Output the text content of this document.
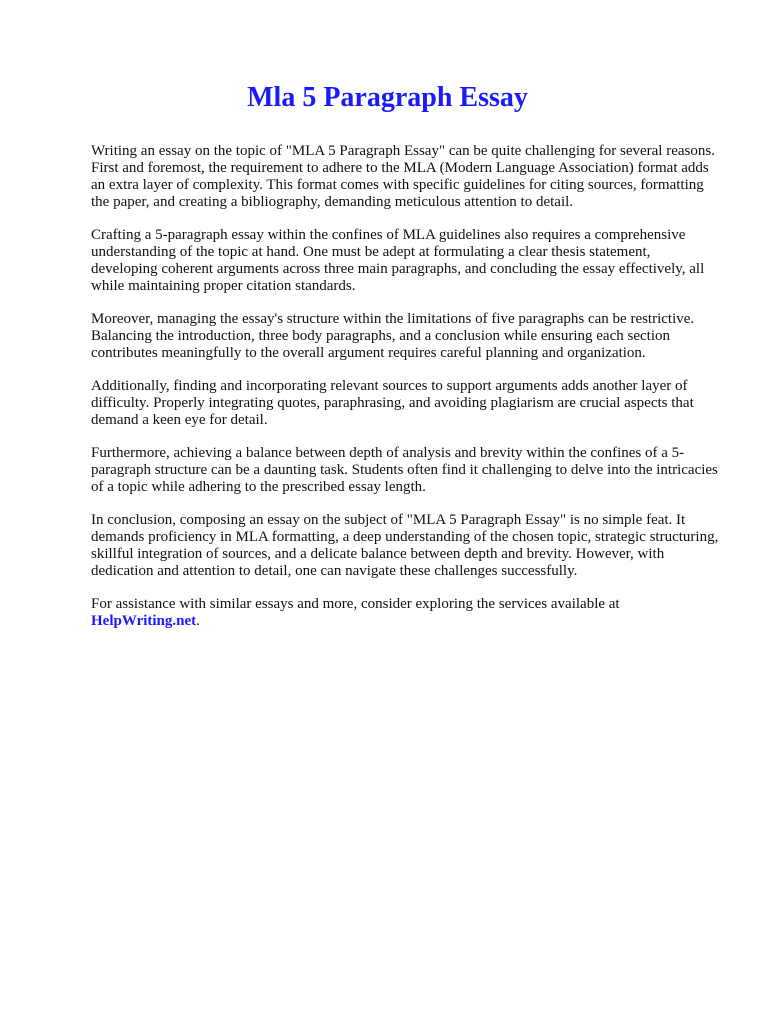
Mla 5 Paragraph Essay

Writing an essay on the topic of "MLA 5 Paragraph Essay" can be quite challenging for several reasons. First and foremost, the requirement to adhere to the MLA (Modern Language Association) format adds an extra layer of complexity. This format comes with specific guidelines for citing sources, formatting the paper, and creating a bibliography, demanding meticulous attention to detail.

Crafting a 5-paragraph essay within the confines of MLA guidelines also requires a comprehensive understanding of the topic at hand. One must be adept at formulating a clear thesis statement, developing coherent arguments across three main paragraphs, and concluding the essay effectively, all while maintaining proper citation standards.

Moreover, managing the essay's structure within the limitations of five paragraphs can be restrictive. Balancing the introduction, three body paragraphs, and a conclusion while ensuring each section contributes meaningfully to the overall argument requires careful planning and organization.

Additionally, finding and incorporating relevant sources to support arguments adds another layer of difficulty. Properly integrating quotes, paraphrasing, and avoiding plagiarism are crucial aspects that demand a keen eye for detail.

Furthermore, achieving a balance between depth of analysis and brevity within the confines of a 5-paragraph structure can be a daunting task. Students often find it challenging to delve into the intricacies of a topic while adhering to the prescribed essay length.

In conclusion, composing an essay on the subject of "MLA 5 Paragraph Essay" is no simple feat. It demands proficiency in MLA formatting, a deep understanding of the chosen topic, strategic structuring, skillful integration of sources, and a delicate balance between depth and brevity. However, with dedication and attention to detail, one can navigate these challenges successfully.

For assistance with similar essays and more, consider exploring the services available at
HelpWriting.net.
